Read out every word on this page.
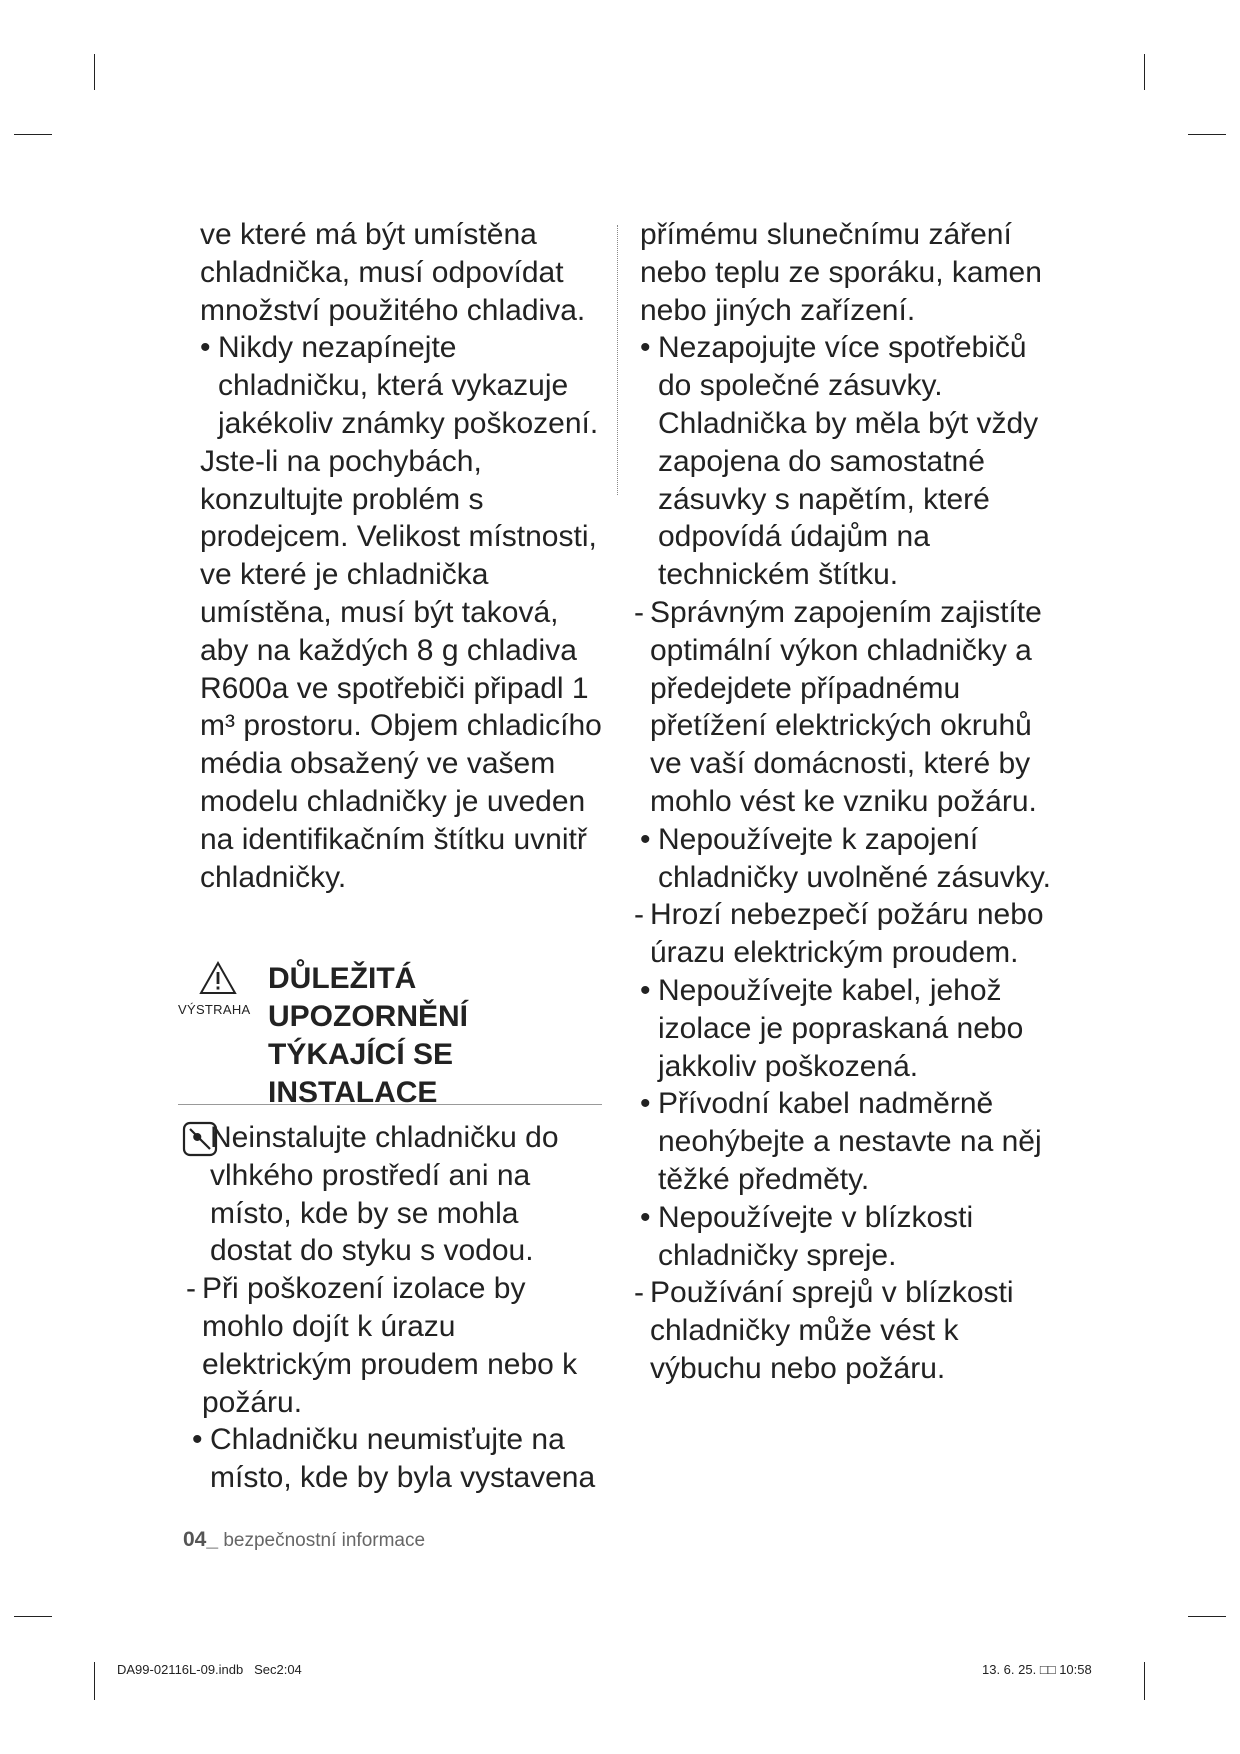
ve které má být umístěna chladnička, musí odpovídat množství použitého chladiva.

• Nikdy nezapínejte chladničku, která vykazuje jakékoliv známky poškození.

Jste-li na pochybách, konzultujte problém s prodejcem. Velikost místnosti, ve které je chladnička umístěna, musí být taková, aby na každých 8 g chladiva R600a ve spotřebiči připadl 1 m³ prostoru. Objem chladicího média obsažený ve vašem modelu chladničky je uveden na identifikačním štítku uvnitř chladničky.

VÝSTRAHA

DŮLEŽITÁ UPOZORNĚNÍ TÝKAJÍCÍ SE INSTALACE

• Neinstalujte chladničku do vlhkého prostředí ani na místo, kde by se mohla dostat do styku s vodou.

- Při poškození izolace by mohlo dojít k úrazu elektrickým proudem nebo k požáru.

• Chladničku neumisťujte na místo, kde by byla vystavena

přímému slunečnímu záření nebo teplu ze sporáku, kamen nebo jiných zařízení.

• Nezapojujte více spotřebičů do společné zásuvky. Chladnička by měla být vždy zapojena do samostatné zásuvky s napětím, které odpovídá údajům na technickém štítku.

- Správným zapojením zajistíte optimální výkon chladničky a předejdete případnému přetížení elektrických okruhů ve vaší domácnosti, které by mohlo vést ke vzniku požáru.

• Nepoužívejte k zapojení chladničky uvolněné zásuvky.

- Hrozí nebezpečí požáru nebo úrazu elektrickým proudem.

• Nepoužívejte kabel, jehož izolace je popraskaná nebo jakkoliv poškozená.

• Přívodní kabel nadměrně neohýbejte a nestavte na něj těžké předměty.

• Nepoužívejte v blízkosti chladničky spreje.

- Používání sprejů v blízkosti chladničky může vést k výbuchu nebo požáru.

04_ bezpečnostní informace
DA99-02116L-09.indb   Sec2:04	13. 6. 25. □□ 10:58
